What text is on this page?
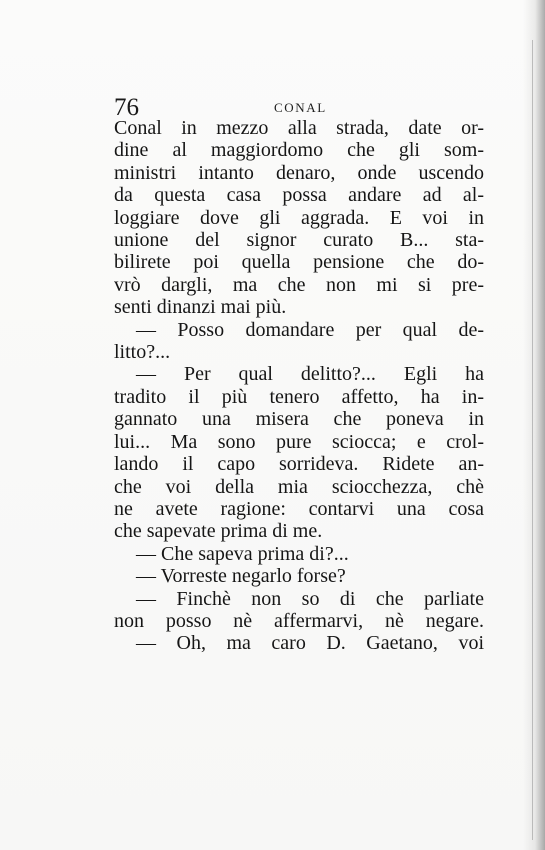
76	CONAL
Conal in mezzo alla strada, date or-
dine al maggiordomo che gli som-
ministri intanto denaro, onde uscendo
da questa casa possa andare ad al-
loggiare dove gli aggrada. E voi in
unione del signor curato B... sta-
bilirete poi quella pensione che do-
vrò dargli, ma che non mi si pre-
senti dinanzi mai più.
— Posso domandare per qual de-
litto?...
— Per qual delitto?... Egli ha
tradito il più tenero affetto, ha in-
gannato una misera che poneva in
lui... Ma sono pure sciocca; e crol-
lando il capo sorrideva. Ridete an-
che voi della mia sciocchezza, chè
ne avete ragione: contarvi una cosa
che sapevate prima di me.
— Che sapeva prima di?...
— Vorreste negarlo forse?
— Finchè non so di che parliate
non posso nè affermarvi, nè negare.
— Oh, ma caro D. Gaetano, voi
